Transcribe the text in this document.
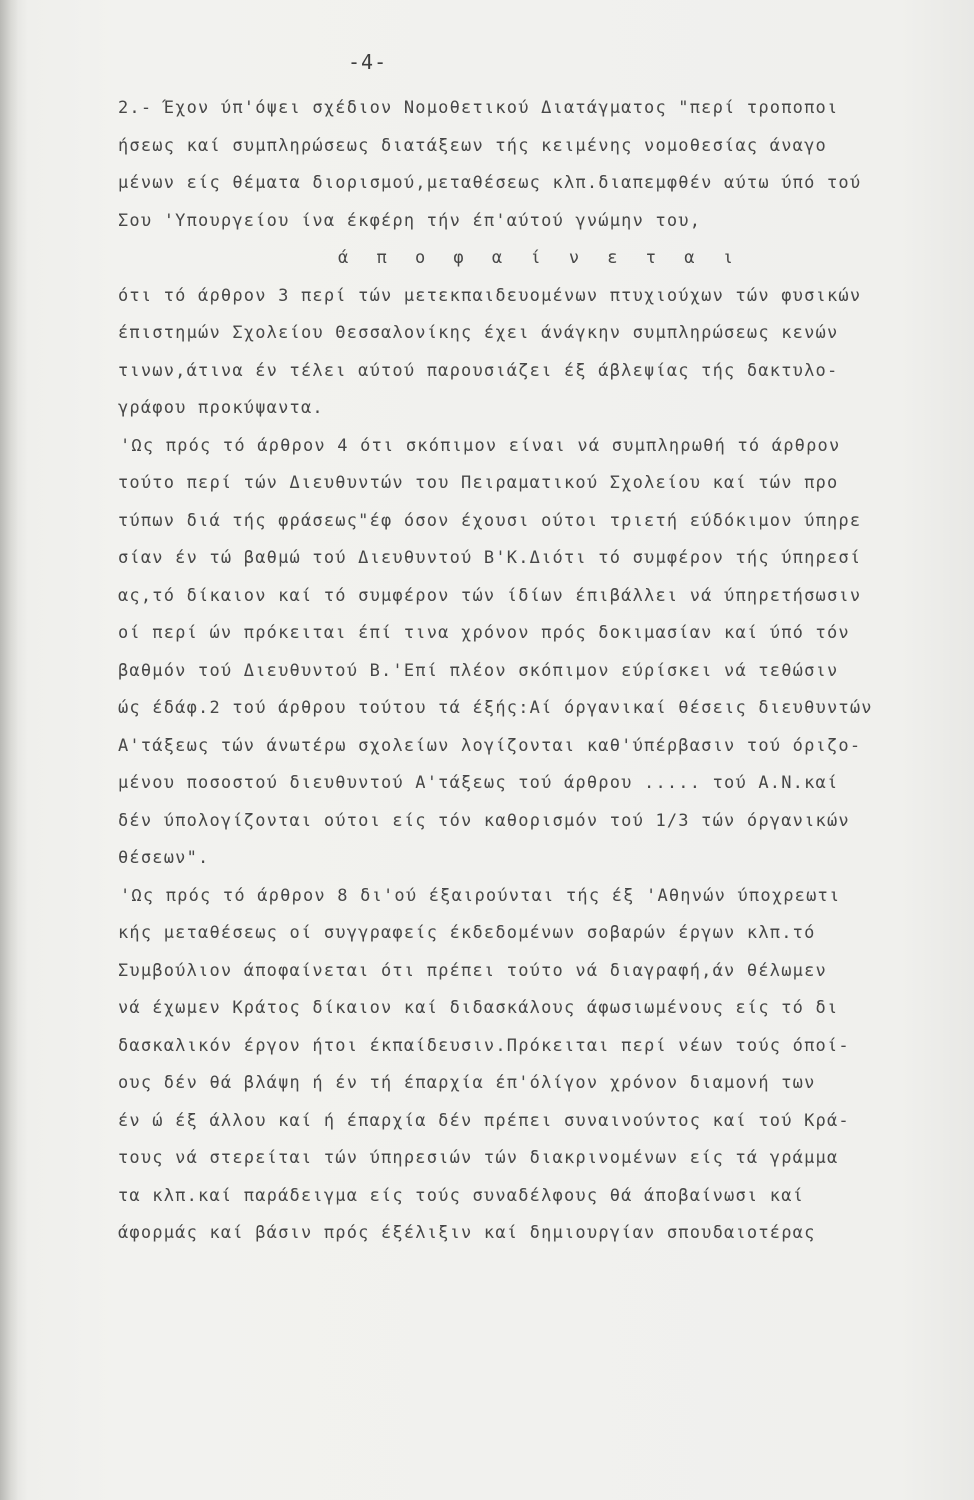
-4-
2.- Έχον ύπ'όψει σχέδιον Νομοθετικού Διατάγματος "περί τροποποι
ήσεως καί συμπληρώσεως διατάξεων τής κειμένης νομοθεσίας άναγο
μένων είς θέματα διορισμού,μεταθέσεως κλπ.διαπεμφθέν αύτω ύπό τού
Σου 'Υπουργείου ίνα έκφέρη τήν έπ'αύτού γνώμην του,
ά π ο φ α ί ν ε τ α ι
ότι τό άρθρον 3 περί τών μετεκπαιδευομένων πτυχιούχων τών φυσικών
έπιστημών Σχολείου Θεσσαλονίκης έχει άνάγκην συμπληρώσεως κενών
τινων,άτινα έν τέλει αύτού παρουσιάζει έξ άβλεψίας τής δακτυλο-
γράφου προκύψαντα.
'Ως πρός τό άρθρον 4 ότι σκόπιμον είναι νά συμπληρωθή τό άρθρον
τούτο περί τών Διευθυντών του Πειραματικού Σχολείου καί τών προ
τύπων διά τής φράσεως"έφ όσον έχουσι ούτοι τριετή εύδόκιμον ύπηρε
σίαν έν τώ βαθμώ τού Διευθυντού Β'Κ.Διότι τό συμφέρον τής ύπηρεσί
ας,τό δίκαιον καί τό συμφέρον τών ίδίων έπιβάλλει νά ύπηρετήσωσιν
οί περί ών πρόκειται έπί τινα χρόνον πρός δοκιμασίαν καί ύπό τόν
βαθμόν τού Διευθυντού Β.'Επί πλέον σκόπιμον εύρίσκει νά τεθώσιν
ώς έδάφ.2 τού άρθρου τούτου τά έξής:Αί όργανικαί θέσεις διευθυντών
Α'τάξεως τών άνωτέρω σχολείων λογίζονται καθ'ύπέρβασιν τού όριζο-
μένου ποσοστού διευθυντού Α'τάξεως τού άρθρου ..... τού Α.Ν.καί
δέν ύπολογίζονται ούτοι είς τόν καθορισμόν τού 1/3 τών όργανικών
θέσεων".
'Ως πρός τό άρθρον 8 δι'ού έξαιρούνται τής έξ 'Αθηνών ύποχρεωτι
κής μεταθέσεως οί συγγραφείς έκδεδομένων σοβαρών έργων κλπ.τό
Συμβούλιον άποφαίνεται ότι πρέπει τούτο νά διαγραφή,άν θέλωμεν
νά έχωμεν Κράτος δίκαιον καί διδασκάλους άφωσιωμένους είς τό δι
δασκαλικόν έργον ήτοι έκπαίδευσιν.Πρόκειται περί νέων τούς όποί-
ους δέν θά βλάψη ή έν τή έπαρχία έπ'όλίγον χρόνον διαμονή των
έν ώ έξ άλλου καί ή έπαρχία δέν πρέπει συναινούντος καί τού Κρά-
τους νά στερείται τών ύπηρεσιών τών διακρινομένων είς τά γράμμα
τα κλπ.καί παράδειγμα είς τούς συναδέλφους θά άποβαίνωσι καί
άφορμάς καί βάσιν πρός έξέλιξιν καί δημιουργίαν σπουδαιοτέρας
